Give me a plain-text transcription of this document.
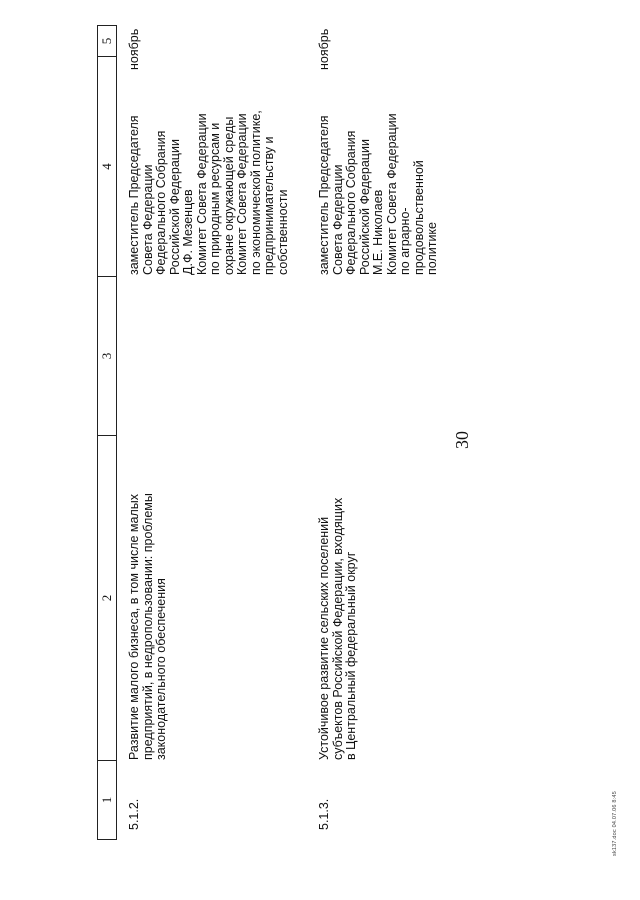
30
1
2
3
4
5
5.1.2.
Развитие малого бизнеса, в том числе малых
предприятий, в недропользовании: проблемы
законодательного обеспечения
заместитель Председателя
Совета Федерации
Федерального Собрания
Российской Федерации
Д.Ф. Мезенцев
Комитет Совета Федерации
по природным ресурсам и
охране окружающей среды
Комитет Совета Федерации
по экономической политике,
предпринимательству и
собственности
ноябрь
5.1.3.
Устойчивое развитие сельских поселений
субъектов Российской Федерации, входящих
в Центральный федеральный округ
заместитель Председателя
Совета Федерации
Федерального Собрания
Российской Федерации
М.Е. Николаев
Комитет Совета Федерации
по аграрно-
продовольственной
политике
ноябрь
sk137.doc 04.07.06 8:45
